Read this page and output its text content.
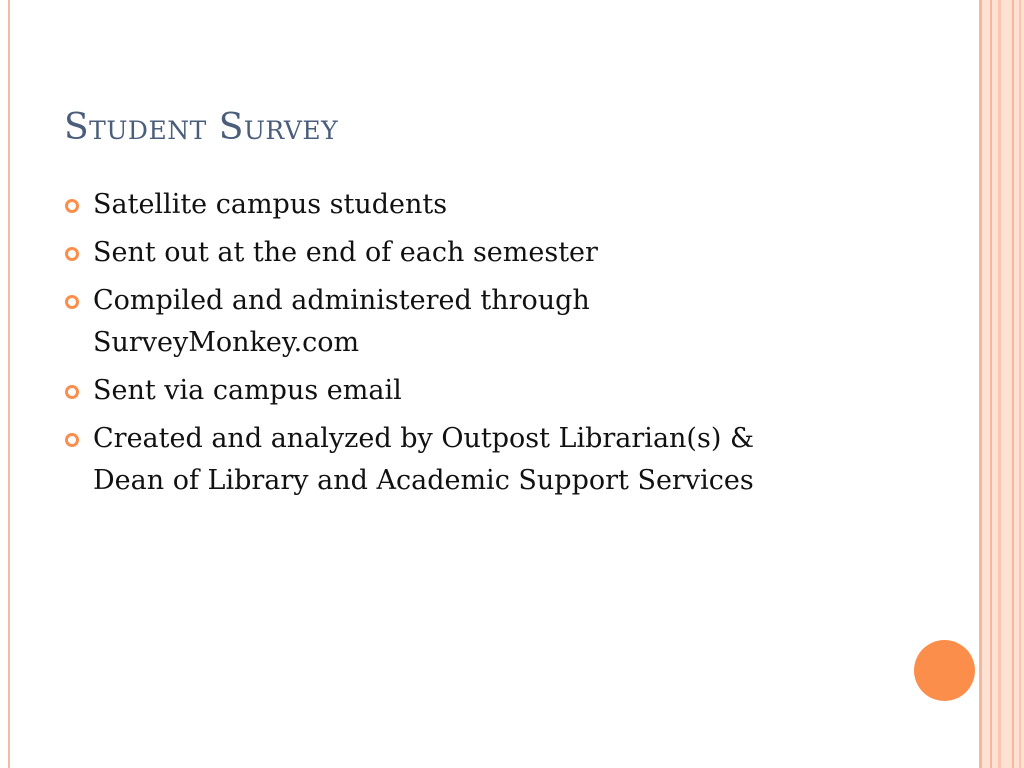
Student Survey
Satellite campus students
Sent out at the end of each semester
Compiled and administered through
SurveyMonkey.com
Sent via campus email
Created and analyzed by Outpost Librarian(s) &
Dean of Library and Academic Support Services
